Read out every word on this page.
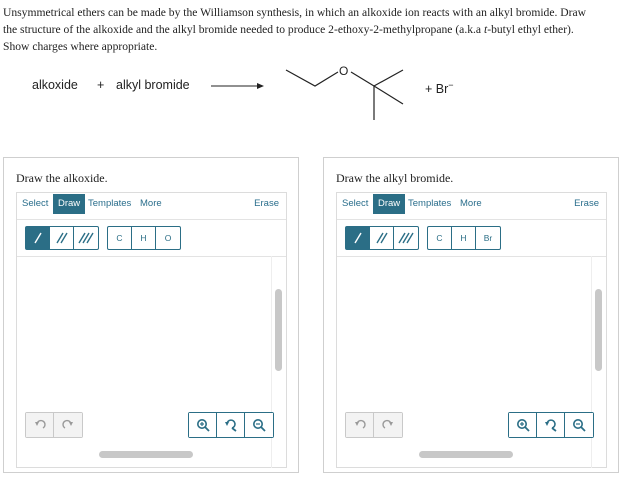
Unsymmetrical ethers can be made by the Williamson synthesis, in which an alkoxide ion reacts with an alkyl bromide. Draw
the structure of the alkoxide and the alkyl bromide needed to produce 2-ethoxy-2-methylpropane (a.k.a t-butyl ethyl ether).
Show charges where appropriate.
alkoxide + alkyl bromide
O
+ Br−
Draw the alkoxide.
Select	Draw Templates More	Erase
C	H	O
Draw the alkyl bromide.
Select	Draw Templates More	Erase
C	H	Br
